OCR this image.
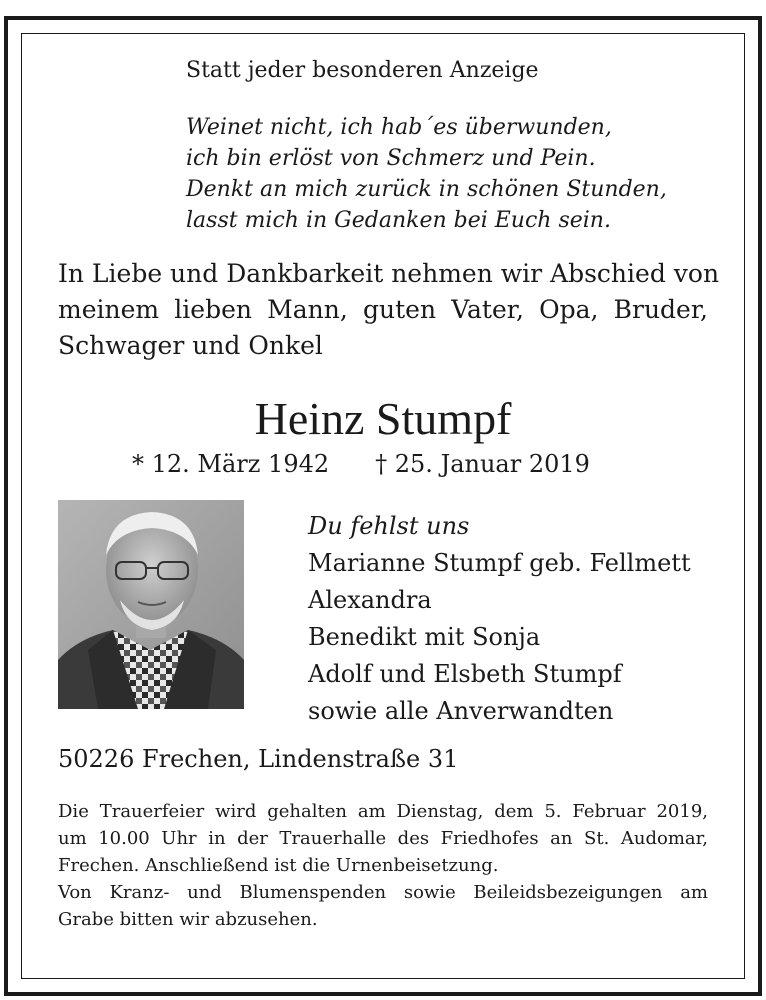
Statt jeder besonderen Anzeige
Weinet nicht, ich hab´es überwunden,
ich bin erlöst von Schmerz und Pein.
Denkt an mich zurück in schönen Stunden,
lasst mich in Gedanken bei Euch sein.
In Liebe und Dankbarkeit nehmen wir Abschied von
meinem lieben Mann, guten Vater, Opa, Bruder,
Schwager und Onkel
Heinz Stumpf
* 12. März 1942 † 25. Januar 2019
Du fehlst uns
Marianne Stumpf geb. Fellmett
Alexandra
Benedikt mit Sonja
Adolf und Elsbeth Stumpf
sowie alle Anverwandten
50226 Frechen, Lindenstraße 31
Die Trauerfeier wird gehalten am Dienstag, dem 5. Februar 2019,
um 10.00 Uhr in der Trauerhalle des Friedhofes an St. Audomar,
Frechen. Anschließend ist die Urnenbeisetzung.
Von Kranz- und Blumenspenden sowie Beileidsbezeigungen am
Grabe bitten wir abzusehen.
